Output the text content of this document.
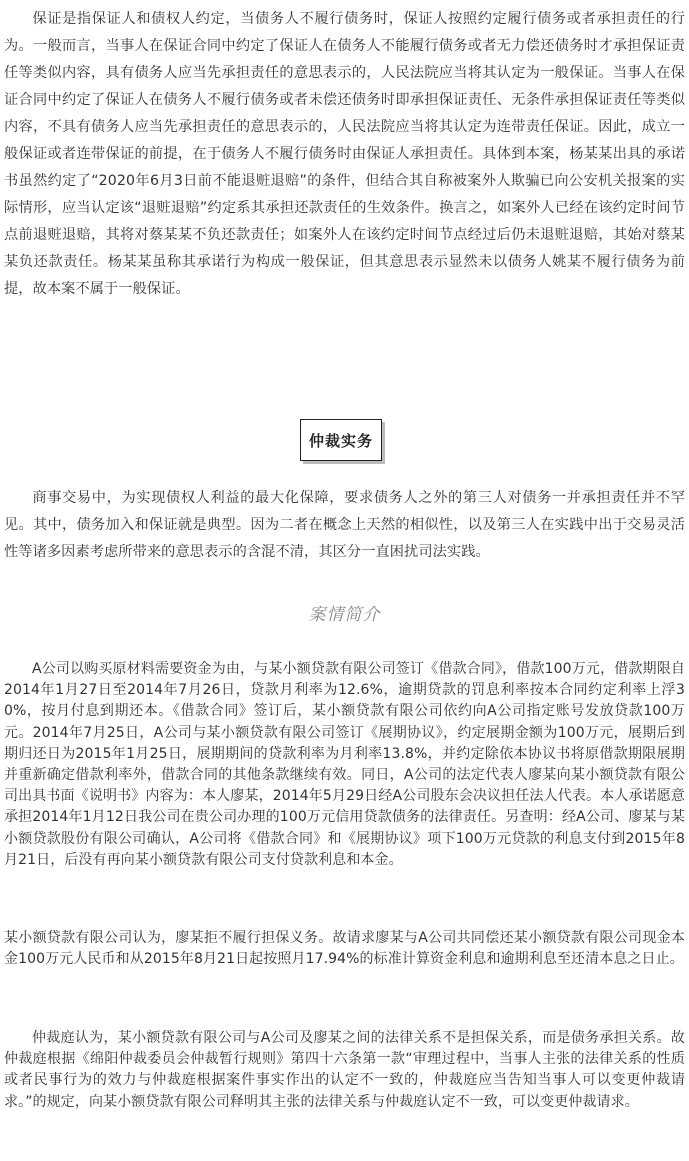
保证是指保证人和债权人约定，当债务人不履行债务时，保证人按照约定履行债务或者承担责任的行为。一般而言，当事人在保证合同中约定了保证人在债务人不能履行债务或者无力偿还债务时才承担保证责任等类似内容，具有债务人应当先承担责任的意思表示的，人民法院应当将其认定为一般保证。当事人在保证合同中约定了保证人在债务人不履行债务或者未偿还债务时即承担保证责任、无条件承担保证责任等类似内容，不具有债务人应当先承担责任的意思表示的，人民法院应当将其认定为连带责任保证。因此，成立一般保证或者连带保证的前提，在于债务人不履行债务时由保证人承担责任。具体到本案，杨某某出具的承诺书虽然约定了“2020年6月3日前不能退赃退赔”的条件，但结合其自称被案外人欺骗已向公安机关报案的实际情形，应当认定该“退赃退赔”约定系其承担还款责任的生效条件。换言之，如案外人已经在该约定时间节点前退赃退赔，其将对蔡某某不负还款责任；如案外人在该约定时间节点经过后仍未退赃退赔，其始对蔡某某负还款责任。杨某某虽称其承诺行为构成一般保证，但其意思表示显然未以债务人姚某不履行债务为前提，故本案不属于一般保证。

仲裁实务

商事交易中，为实现债权人利益的最大化保障，要求债务人之外的第三人对债务一并承担责任并不罕见。其中，债务加入和保证就是典型。因为二者在概念上天然的相似性，以及第三人在实践中出于交易灵活性等诸多因素考虑所带来的意思表示的含混不清，其区分一直困扰司法实践。

案情简介

A公司以购买原材料需要资金为由，与某小额贷款有限公司签订《借款合同》，借款100万元，借款期限自2014年1月27日至2014年7月26日，贷款月利率为12.6%，逾期贷款的罚息利率按本合同约定利率上浮30%，按月付息到期还本。《借款合同》签订后，某小额贷款有限公司依约向A公司指定账号发放贷款100万元。2014年7月25日，A公司与某小额贷款有限公司签订《展期协议》，约定展期金额为100万元，展期后到期归还日为2015年1月25日，展期期间的贷款利率为月利率13.8%，并约定除依本协议书将原借款期限展期并重新确定借款利率外，借款合同的其他条款继续有效。同日，A公司的法定代表人廖某向某小额贷款有限公司出具书面《说明书》内容为：本人廖某，2014年5月29日经A公司股东会决议担任法人代表。本人承诺愿意承担2014年1月12日我公司在贵公司办理的100万元信用贷款债务的法律责任。另查明：经A公司、廖某与某小额贷款股份有限公司确认，A公司将《借款合同》和《展期协议》项下100万元贷款的利息支付到2015年8月21日，后没有再向某小额贷款有限公司支付贷款利息和本金。

某小额贷款有限公司认为，廖某拒不履行担保义务。故请求廖某与A公司共同偿还某小额贷款有限公司现金本金100万元人民币和从2015年8月21日起按照月17.94%的标准计算资金利息和逾期利息至还清本息之日止。

仲裁庭认为，某小额贷款有限公司与A公司及廖某之间的法律关系不是担保关系，而是债务承担关系。故仲裁庭根据《绵阳仲裁委员会仲裁暂行规则》第四十六条第一款“审理过程中，当事人主张的法律关系的性质或者民事行为的效力与仲裁庭根据案件事实作出的认定不一致的，仲裁庭应当告知当事人可以变更仲裁请求。”的规定，向某小额贷款有限公司释明其主张的法律关系与仲裁庭认定不一致，可以变更仲裁请求。
